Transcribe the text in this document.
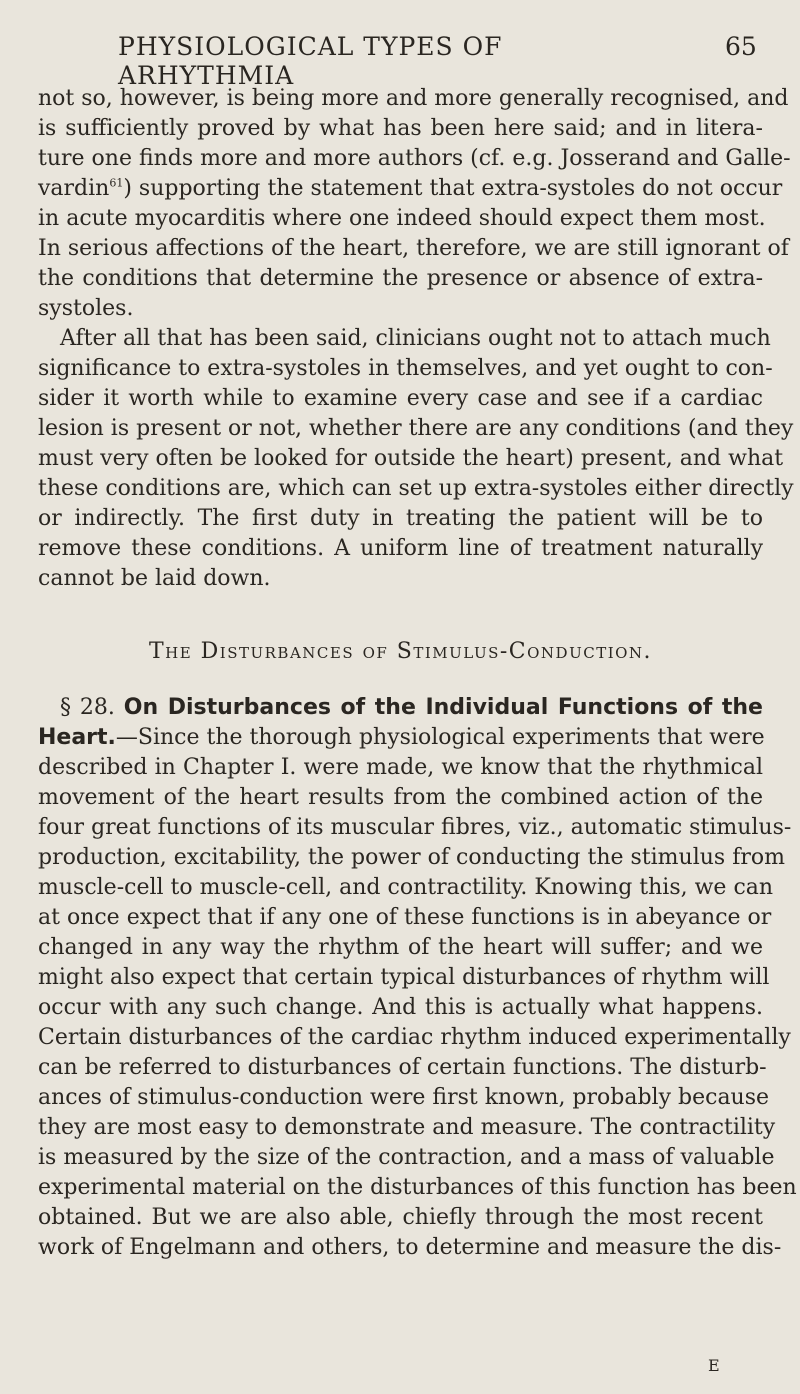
PHYSIOLOGICAL TYPES OF ARHYTHMIA
65
not so, however, is being more and more generally recognised, and
is sufficiently proved by what has been here said; and in litera-
ture one finds more and more authors (cf. e.g. Josserand and Galle-
vardin$^{61}$) supporting the statement that extra-systoles do not occur
in acute myocarditis where one indeed should expect them most.
In serious affections of the heart, therefore, we are still ignorant of
the conditions that determine the presence or absence of extra-
systoles.
After all that has been said, clinicians ought not to attach much
significance to extra-systoles in themselves, and yet ought to con-
sider it worth while to examine every case and see if a cardiac
lesion is present or not, whether there are any conditions (and they
must very often be looked for outside the heart) present, and what
these conditions are, which can set up extra-systoles either directly
or indirectly. The first duty in treating the patient will be to
remove these conditions. A uniform line of treatment naturally
cannot be laid down.
The Disturbances of Stimulus-Conduction.
§ 28. On Disturbances of the Individual Functions of the
Heart.—Since the thorough physiological experiments that were
described in Chapter I. were made, we know that the rhythmical
movement of the heart results from the combined action of the
four great functions of its muscular fibres, viz., automatic stimulus-
production, excitability, the power of conducting the stimulus from
muscle-cell to muscle-cell, and contractility. Knowing this, we can
at once expect that if any one of these functions is in abeyance or
changed in any way the rhythm of the heart will suffer; and we
might also expect that certain typical disturbances of rhythm will
occur with any such change. And this is actually what happens.
Certain disturbances of the cardiac rhythm induced experimentally
can be referred to disturbances of certain functions. The disturb-
ances of stimulus-conduction were first known, probably because
they are most easy to demonstrate and measure. The contractility
is measured by the size of the contraction, and a mass of valuable
experimental material on the disturbances of this function has been
obtained. But we are also able, chiefly through the most recent
work of Engelmann and others, to determine and measure the dis-
E
